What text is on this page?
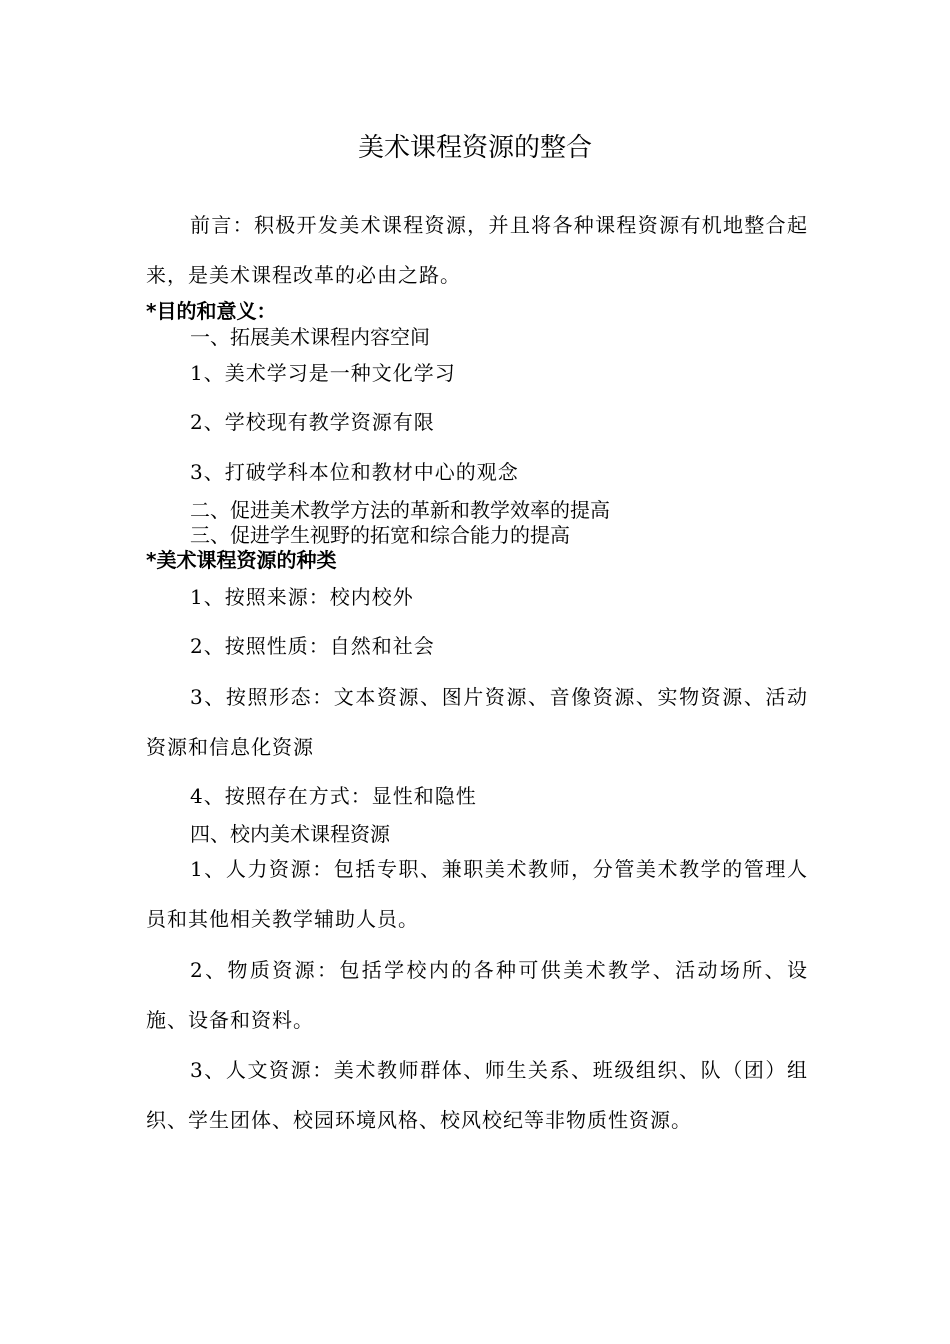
美术课程资源的整合

前言：积极开发美术课程资源，并且将各种课程资源有机地整合起来，是美术课程改革的必由之路。

*目的和意义：

一、拓展美术课程内容空间

1、美术学习是一种文化学习

2、学校现有教学资源有限

3、打破学科本位和教材中心的观念

二、促进美术教学方法的革新和教学效率的提高

三、促进学生视野的拓宽和综合能力的提高

*美术课程资源的种类

1、按照来源：校内校外

2、按照性质：自然和社会

3、按照形态：文本资源、图片资源、音像资源、实物资源、活动资源和信息化资源

4、按照存在方式：显性和隐性

四、校内美术课程资源

1、人力资源：包括专职、兼职美术教师，分管美术教学的管理人员和其他相关教学辅助人员。

2、物质资源：包括学校内的各种可供美术教学、活动场所、设施、设备和资料。

3、人文资源：美术教师群体、师生关系、班级组织、队（团）组织、学生团体、校园环境风格、校风校纪等非物质性资源。
